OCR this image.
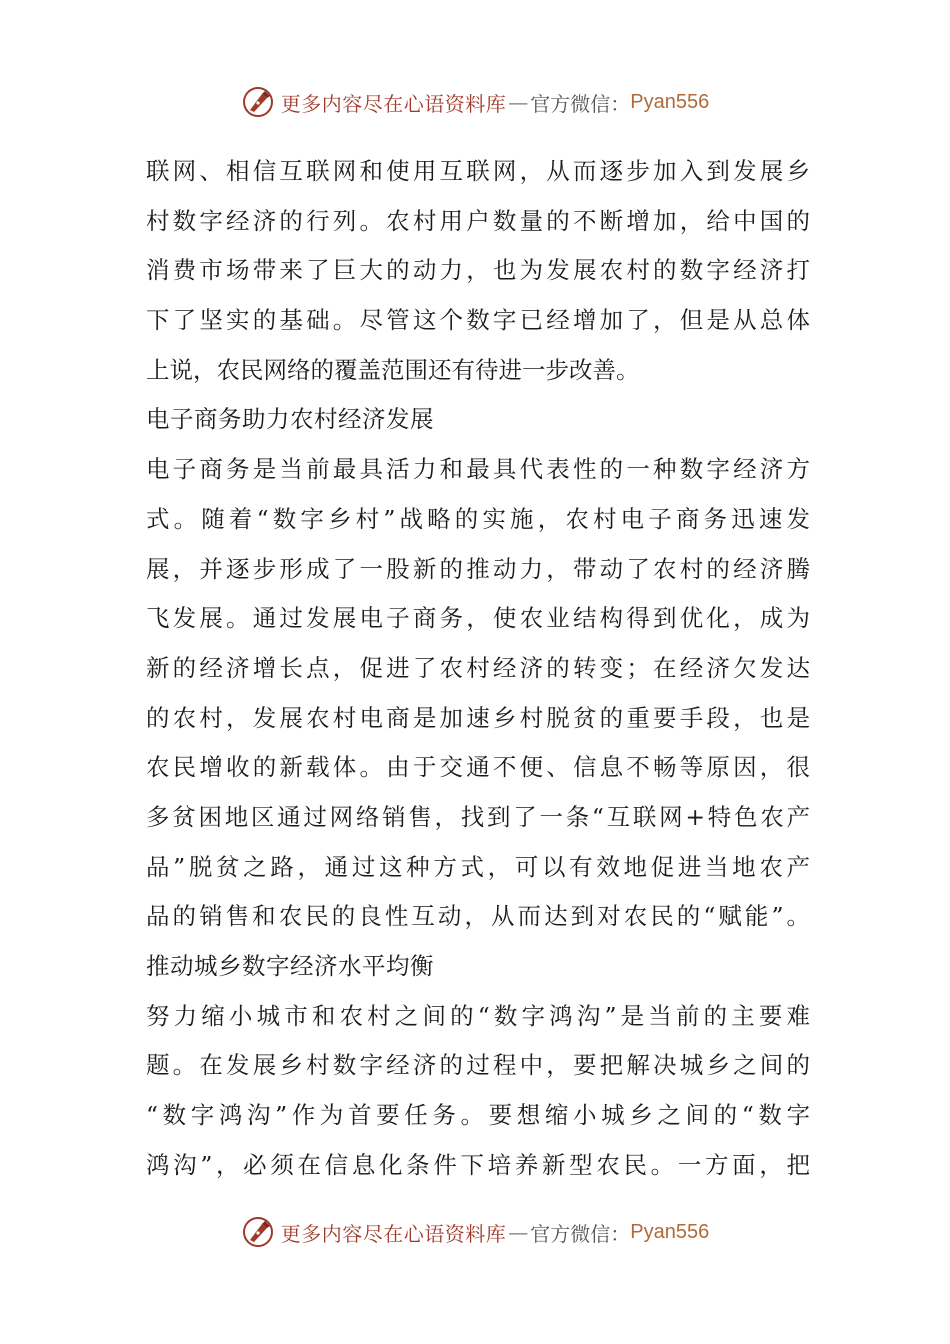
更多内容尽在心语资料库 — 官方微信： Pyan556
联网、相信互联网和使用互联网，从而逐步加入到发展乡
村数字经济的行列。农村用户数量的不断增加，给中国的
消费市场带来了巨大的动力，也为发展农村的数字经济打
下了坚实的基础。尽管这个数字已经增加了，但是从总体
上说，农民网络的覆盖范围还有待进一步改善。
电子商务助力农村经济发展
电子商务是当前最具活力和最具代表性的一种数字经济方
式。随着“数字乡村”战略的实施，农村电子商务迅速发
展，并逐步形成了一股新的推动力，带动了农村的经济腾
飞发展。通过发展电子商务，使农业结构得到优化，成为
新的经济增长点，促进了农村经济的转变；在经济欠发达
的农村，发展农村电商是加速乡村脱贫的重要手段，也是
农民增收的新载体。由于交通不便、信息不畅等原因，很
多贫困地区通过网络销售，找到了一条“互联网+特色农产
品”脱贫之路，通过这种方式，可以有效地促进当地农产
品的销售和农民的良性互动，从而达到对农民的“赋能”。
推动城乡数字经济水平均衡
努力缩小城市和农村之间的“数字鸿沟”是当前的主要难
题。在发展乡村数字经济的过程中，要把解决城乡之间的
“数字鸿沟”作为首要任务。要想缩小城乡之间的“数字
鸿沟”，必须在信息化条件下培养新型农民。一方面，把
更多内容尽在心语资料库 — 官方微信： Pyan556
